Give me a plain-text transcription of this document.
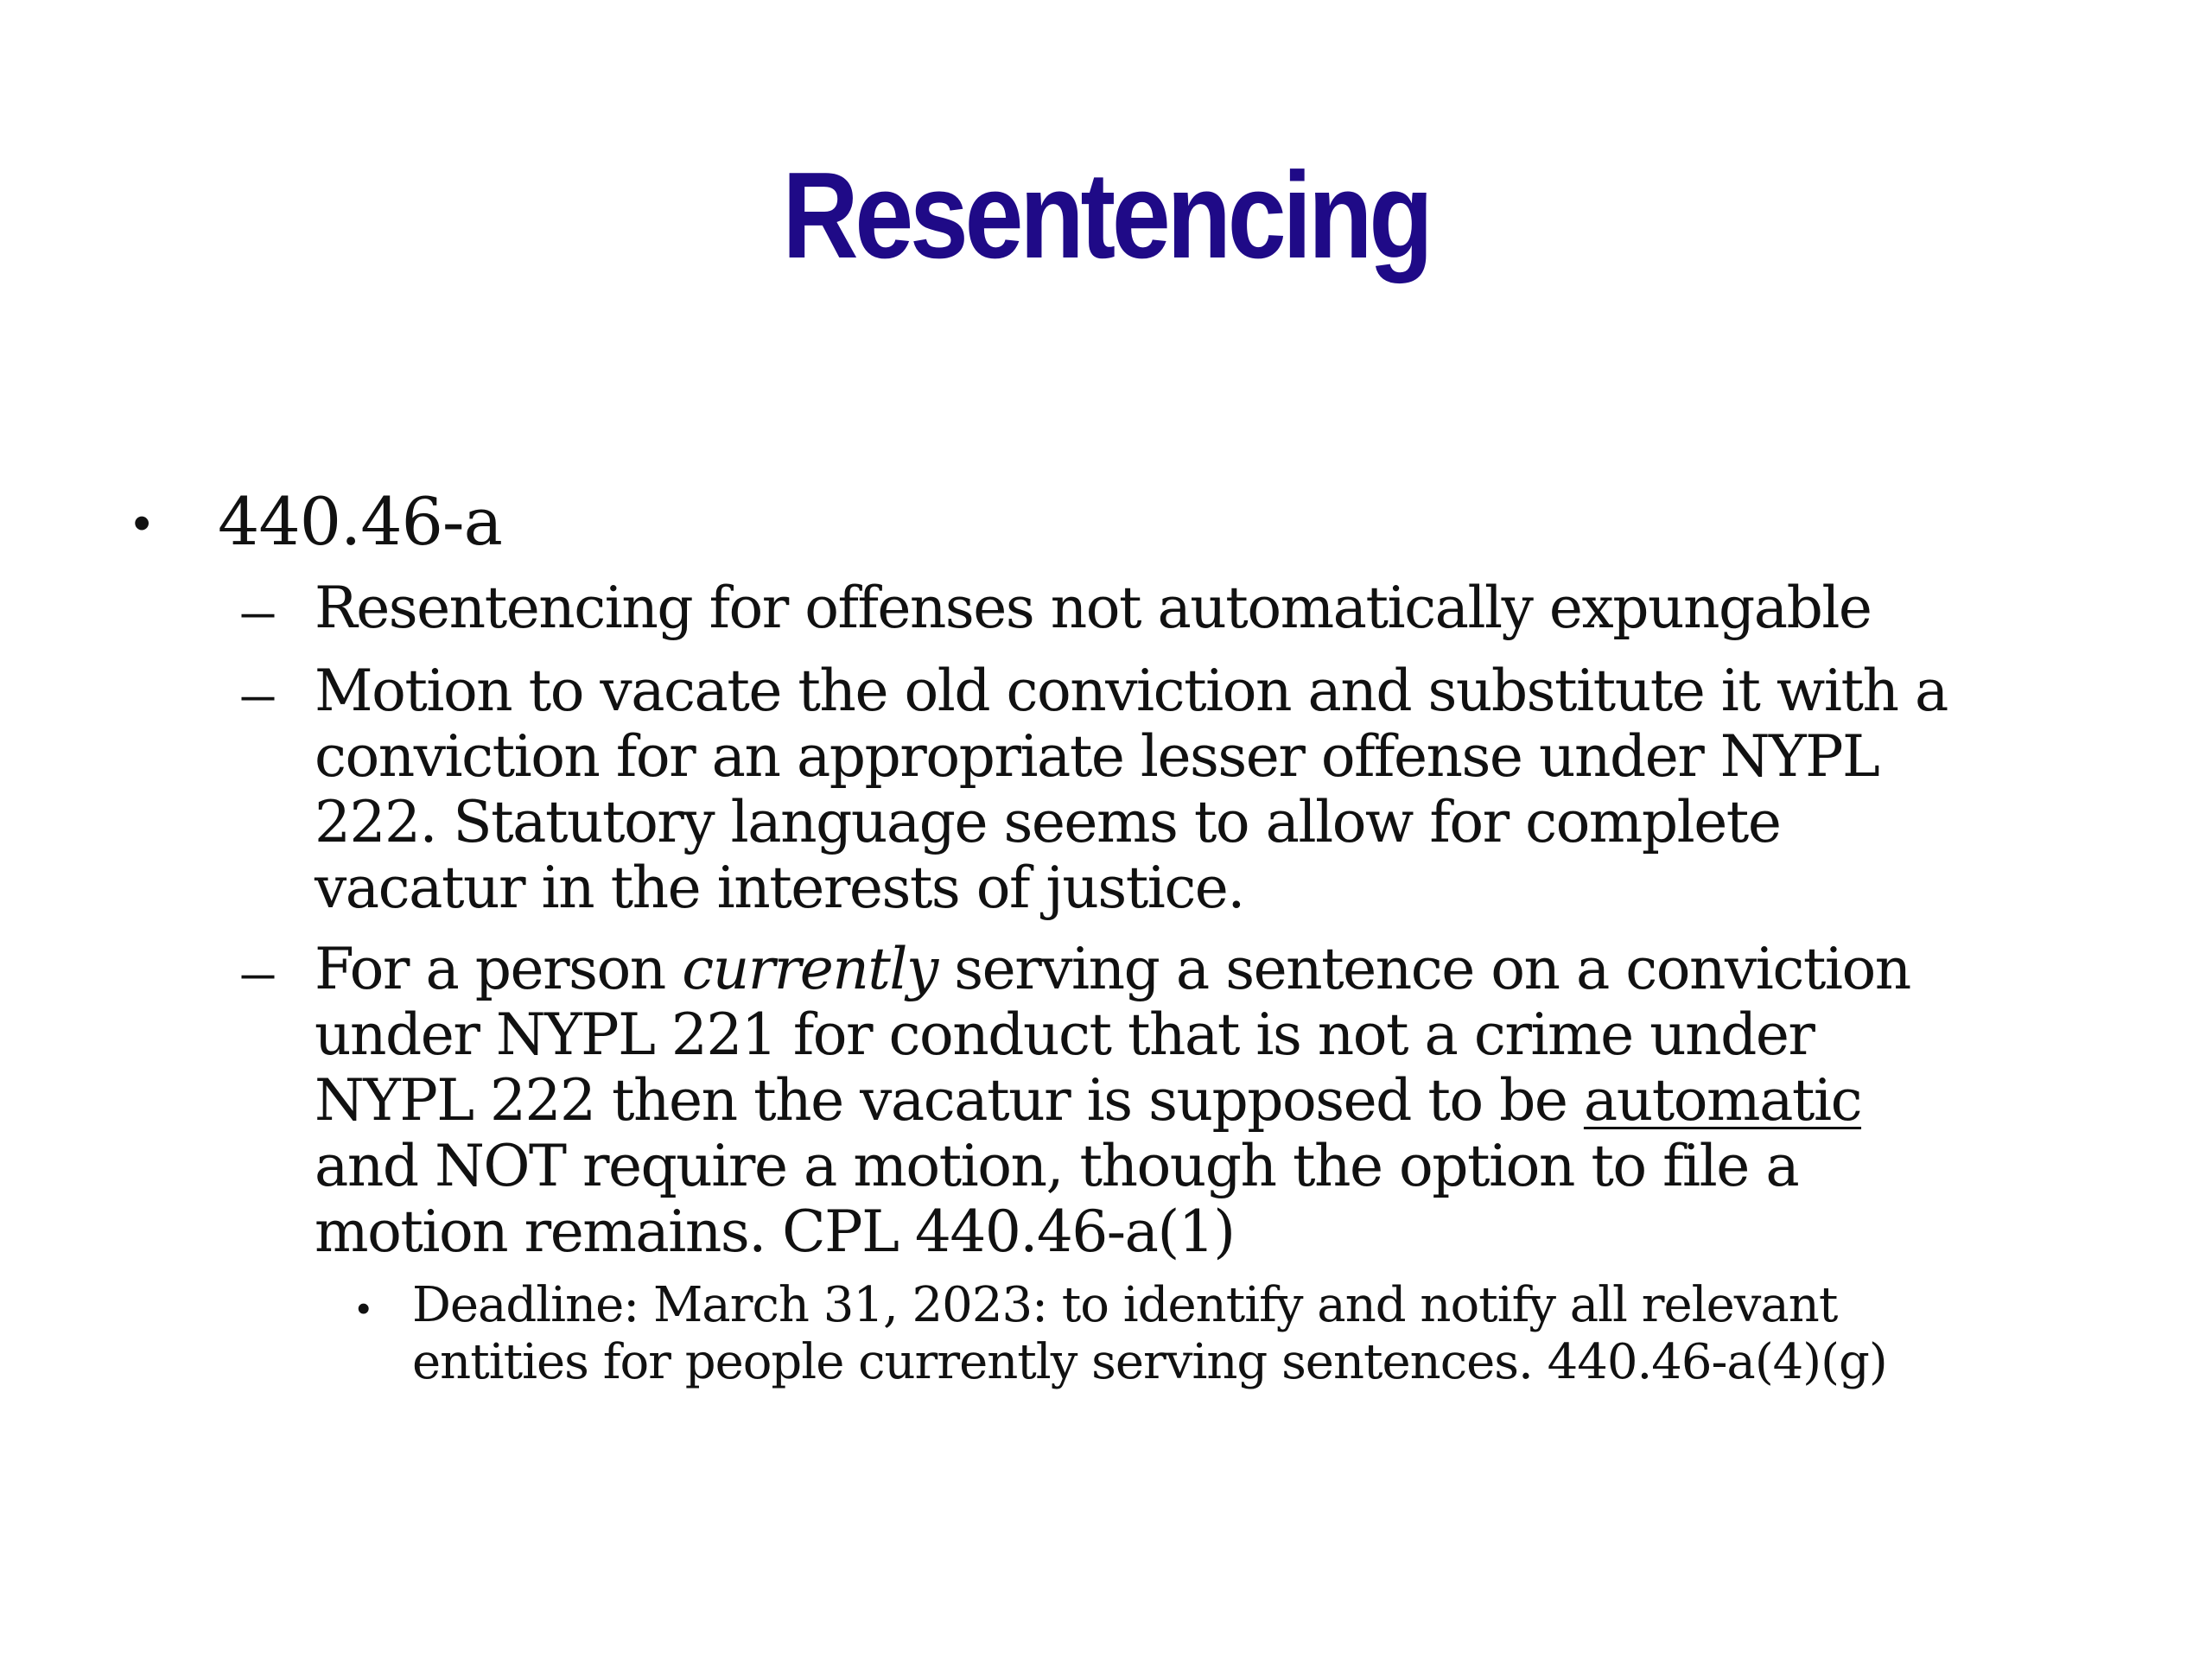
Resentencing
• 440.46-a
– Resentencing for offenses not automatically expungable
– Motion to vacate the old conviction and substitute it with a
conviction for an appropriate lesser offense under NYPL
222. Statutory language seems to allow for complete
vacatur in the interests of justice.
– For a person currently serving a sentence on a conviction
under NYPL 221 for conduct that is not a crime under
NYPL 222 then the vacatur is supposed to be automatic
and NOT require a motion, though the option to file a
motion remains. CPL 440.46-a(1)
• Deadline: March 31, 2023: to identify and notify all relevant
entities for people currently serving sentences. 440.46-a(4)(g)
